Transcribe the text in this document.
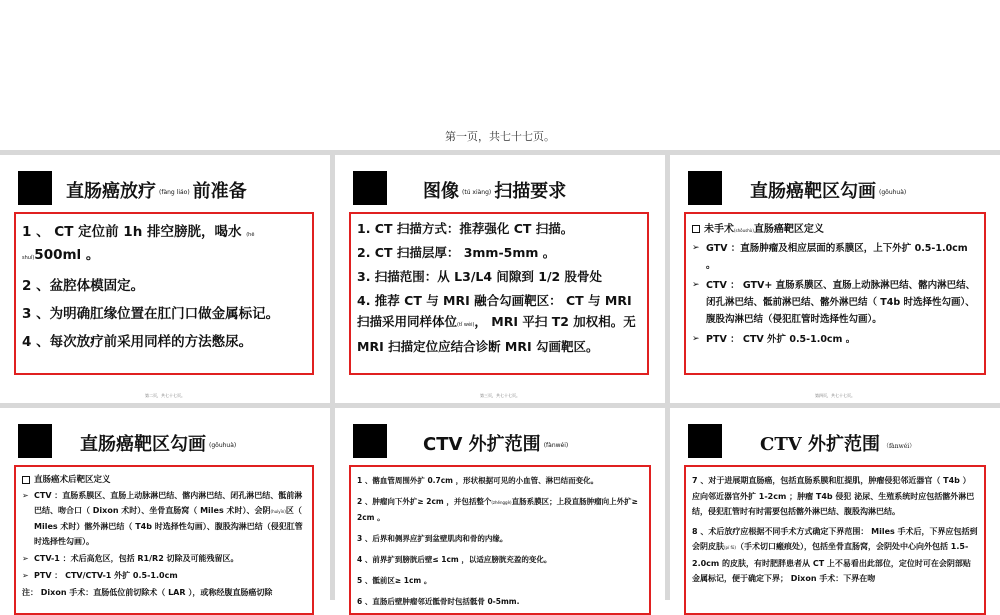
第一页，共七十七页。
直肠癌放疗 (fàng liáo) 前准备

1 、 CT 定位前 1h 排空膀胱，喝水 (hē shuǐ)500ml 。

2 、盆腔体模固定。

3 、为明确肛缘位置在肛门口做金属标记。

4 、每次放疗前采用同样的方法憋尿。

第二页，共七十七页。
图像 (tú xiàng) 扫描要求

1. CT 扫描方式：推荐强化 CT 扫描。

2. CT 扫描层厚： 3mm-5mm 。

3. 扫描范围：从 L3/L4 间隙到 1/2 股骨处

4. 推荐 CT 与 MRI 融合勾画靶区： CT 与 MRI 扫描采用同样体位(tǐ wèi)， MRI 平扫 T2 加权相。无 MRI 扫描定位应结合诊断 MRI 勾画靶区。

第三页，共七十七页。
直肠癌靶区勾画 (gōuhuà)
未手术(shǒushù)直肠癌靶区定义
➢ GTV ：直肠肿瘤及相应层面的系膜区，上下外扩 0.5-1.0cm 。
➢ CTV ： GTV+ 直肠系膜区、直肠上动脉淋巴结、髂内淋巴结、闭孔淋巴结、骶前淋巴结、髂外淋巴结（ T4b 时选择性勾画）、腹股沟淋巴结（侵犯肛管时选择性勾画）。
➢ PTV ： CTV 外扩 0.5-1.0cm 。
第四页，共七十七页。
直肠癌靶区勾画 (gōuhuà)
直肠癌术后靶区定义
➢ CTV ：直肠系膜区、直肠上动脉淋巴结、髂内淋巴结、闭孔淋巴结、骶前淋巴结、吻合口（ Dixon 术时）、坐骨直肠窝（ Miles 术时）、会阴(huìyīn)区（ Miles 术时）髂外淋巴结（ T4b 时选择性勾画）、腹股沟淋巴结（侵犯肛管时选择性勾画）。
➢ CTV-1 ：术后高危区，包括 R1/R2 切除及可能残留区。
➢ PTV ： CTV/CTV-1 外扩 0.5-1.0cm
注： Dixon 手术：直肠低位前切除术（ LAR ），或称经腹直肠癌切除
CTV 外扩范围 (fànwéi)

1 、髂血管周围外扩 0.7cm ，形状根据可见的小血管、淋巴结而变化。

2 、肿瘤向下外扩≥ 2cm ，并包括整个(zhěnggè)直肠系膜区；上段直肠肿瘤向上外扩≥ 2cm 。

3 、后界和侧界应扩到盆壁肌肉和骨的内缘。

4 、前界扩到膀胱后壁≤ 1cm ，以适应膀胱充盈的变化。

5 、骶前区≥ 1cm 。

6 、直肠后壁肿瘤邻近骶骨时包括骶骨 0-5mm.

CTV 外扩范围 （fànwéi）

7 、对于进展期直肠癌，包括直肠系膜和肛提肌，肿瘤侵犯邻近器官（ T4b ）应向邻近器官外扩 1-2cm ；肿瘤 T4b 侵犯 泌尿、生殖系统时应包括髂外淋巴结，侵犯肛管时有时需要包括髂外淋巴结、腹股沟淋巴结。

8 、术后放疗应根据不同手术方式确定下界范围： Miles 手术后，下界应包括到会阴皮肤(pí fū)（手术切口瘢痕处），包括坐骨直肠窝，会阴处中心向外包括 1.5-2.0cm 的皮肤，有时肥胖患者从 CT 上不易看出此部位，定位时可在会阴部贴金属标记，便于确定下界； Dixon 手术：下界在吻
